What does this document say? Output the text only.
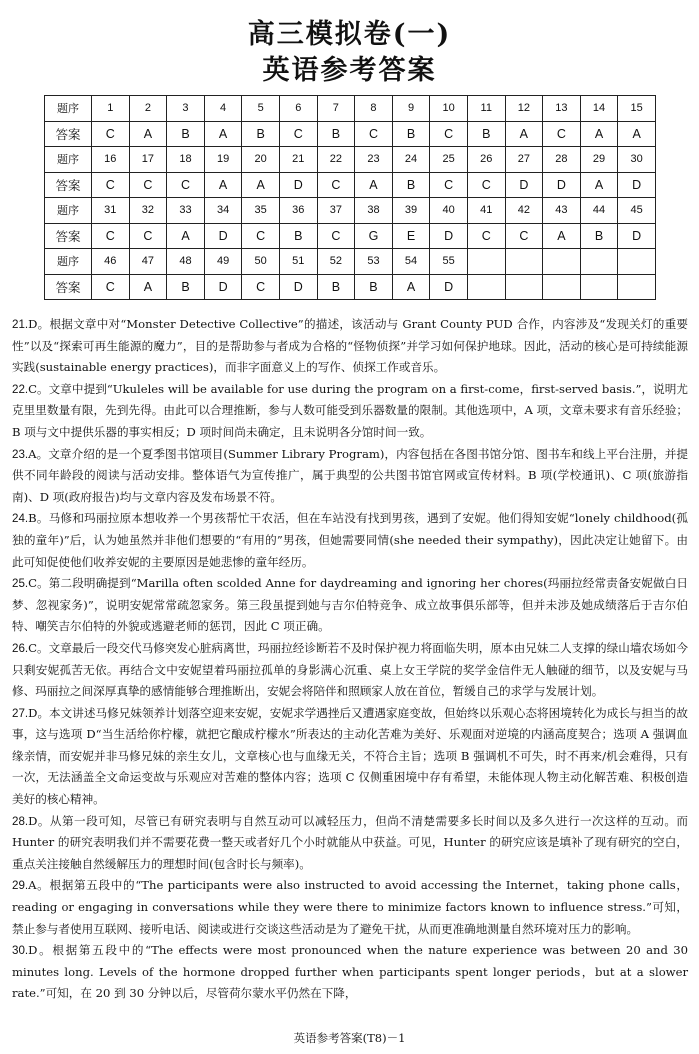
高三模拟卷(一)
英语参考答案
题序	1	2	3	4	5	6	7	8	9	10	11	12	13	14	15
答案	C	A	B	A	B	C	B	C	B	C	B	A	C	A	A
题序	16	17	18	19	20	21	22	23	24	25	26	27	28	29	30
答案	C	C	C	A	A	D	C	A	B	C	C	D	D	A	D
题序	31	32	33	34	35	36	37	38	39	40	41	42	43	44	45
答案	C	C	A	D	C	B	C	G	E	D	C	C	A	B	D
题序	46	47	48	49	50	51	52	53	54	55					
答案	C	A	B	D	C	D	B	B	A	D					

21.D。根据文章中对“Monster Detective Collective”的描述，该活动与 Grant County PUD 合作，内容涉及“发现关灯的重要性”以及“探索可再生能源的魔力”，目的是帮助参与者成为合格的“怪物侦探”并学习如何保护地球。因此，活动的核心是可持续能源实践(sustainable energy practices)，而非字面意义上的写作、侦探工作或音乐。

22.C。文章中提到“Ukuleles will be available for use during the program on a first-come，first-served basis.”，说明尤克里里数量有限，先到先得。由此可以合理推断，参与人数可能受到乐器数量的限制。其他选项中，A 项，文章未要求有音乐经验；B 项与文中提供乐器的事实相反；D 项时间尚未确定，且未说明各分馆时间一致。

23.A。文章介绍的是一个夏季图书馆项目(Summer Library Program)，内容包括在各图书馆分馆、图书车和线上平台注册，并提供不同年龄段的阅读与活动安排。整体语气为宣传推广，属于典型的公共图书馆官网或宣传材料。B 项(学校通讯)、C 项(旅游指南)、D 项(政府报告)均与文章内容及发布场景不符。

24.B。马修和玛丽拉原本想收养一个男孩帮忙干农活，但在车站没有找到男孩，遇到了安妮。他们得知安妮“lonely childhood(孤独的童年)”后，认为她虽然并非他们想要的“有用的”男孩，但她需要同情(she needed their sympathy)，因此决定让她留下。由此可知促使他们收养安妮的主要原因是她悲惨的童年经历。

25.C。第二段明确提到“Marilla often scolded Anne for daydreaming and ignoring her chores(玛丽拉经常责备安妮做白日梦、忽视家务)”，说明安妮常常疏忽家务。第三段虽提到她与吉尔伯特竞争、成立故事俱乐部等，但并未涉及她成绩落后于吉尔伯特、嘲笑吉尔伯特的外貌或逃避老师的惩罚，因此 C 项正确。

26.C。文章最后一段交代马修突发心脏病离世，玛丽拉经诊断若不及时保护视力将面临失明，原本由兄妹二人支撑的绿山墙农场如今只剩安妮孤苦无依。再结合文中安妮望着玛丽拉孤单的身影满心沉重、桌上女王学院的奖学金信件无人触碰的细节，以及安妮与马修、玛丽拉之间深厚真挚的感情能够合理推断出，安妮会将陪伴和照顾家人放在首位，暂缓自己的求学与发展计划。

27.D。本文讲述马修兄妹领养计划落空迎来安妮，安妮求学遇挫后又遭遇家庭变故，但始终以乐观心态将困境转化为成长与担当的故事，这与选项 D“当生活给你柠檬，就把它酿成柠檬水”所表达的主动化苦难为美好、乐观面对逆境的内涵高度契合；选项 A 强调血缘亲情，而安妮并非马修兄妹的亲生女儿，文章核心也与血缘无关，不符合主旨；选项 B 强调机不可失，时不再来/机会难得，只有一次，无法涵盖全文命运变故与乐观应对苦难的整体内容；选项 C 仅侧重困境中存有希望，未能体现人物主动化解苦难、积极创造美好的核心精神。

28.D。从第一段可知，尽管已有研究表明与自然互动可以减轻压力，但尚不清楚需要多长时间以及多久进行一次这样的互动。而 Hunter 的研究表明我们并不需要花费一整天或者好几个小时就能从中获益。可见，Hunter 的研究应该是填补了现有研究的空白，重点关注接触自然缓解压力的理想时间(包含时长与频率)。

29.A。根据第五段中的“The participants were also instructed to avoid accessing the Internet，taking phone calls，reading or engaging in conversations while they were there to minimize factors known to influence stress.”可知，禁止参与者使用互联网、接听电话、阅读或进行交谈这些活动是为了避免干扰，从而更准确地测量自然环境对压力的影响。

30.D。根据第五段中的“The effects were most pronounced when the nature experience was between 20 and 30 minutes long. Levels of the hormone dropped further when participants spent longer periods，but at a slower rate.”可知，在 20 到 30 分钟以后，尽管荷尔蒙水平仍然在下降，

英语参考答案(T8)－1
